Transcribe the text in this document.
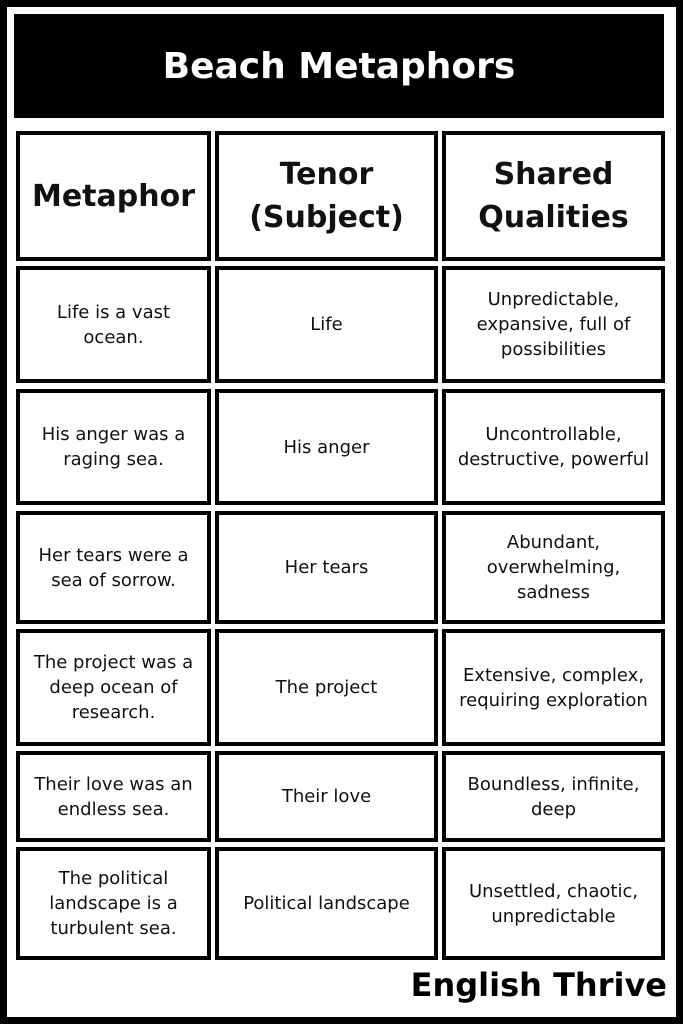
Beach Metaphors
Metaphor
Tenor (Subject)
Shared Qualities
Life is a vast ocean.
Life
Unpredictable, expansive, full of possibilities
His anger was a raging sea.
His anger
Uncontrollable, destructive, powerful
Her tears were a sea of sorrow.
Her tears
Abundant, overwhelming, sadness
The project was a deep ocean of research.
The project
Extensive, complex, requiring exploration
Their love was an endless sea.
Their love
Boundless, infinite, deep
The political landscape is a turbulent sea.
Political landscape
Unsettled, chaotic, unpredictable
English Thrive
